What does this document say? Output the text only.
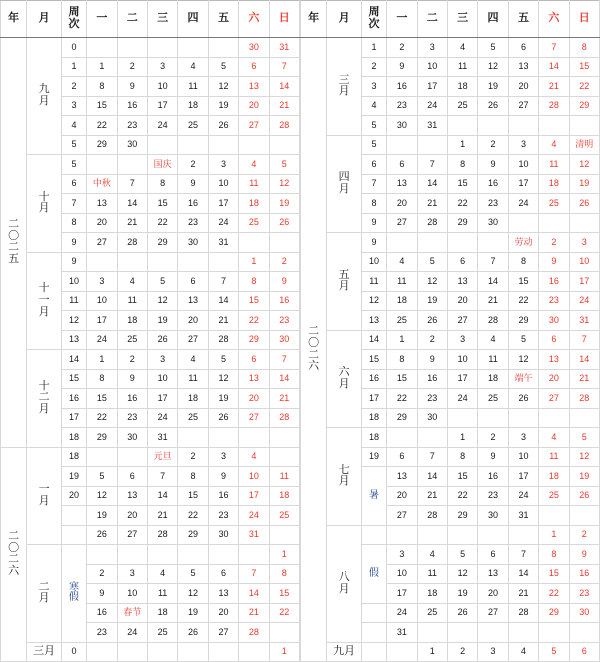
年	月	周
次	一	二	三	四	五	六	日

二
〇
二
五

九
月
	0						30	31
		1	1	2	3	4	5	6	7
		2	8	9	10	11	12	13	14
		3	15	16	17	18	19	20	21
		4	22	23	24	25	26	27	28
		5	29	30					

	十
月	5			国庆	2	3	4	5
		6	中秋	7	8	9	10	11	12
		7	13	14	15	16	17	18	19
		8	20	21	22	23	24	25	26
		9	27	28	29	30	31		

	十
一
月	9						1	2
		10	3	4	5	6	7	8	9
		11	10	11	12	13	14	15	16
		12	17	18	19	20	21	22	23
		13	24	25	26	27	28	29	30

	十
二
月	14	1	2	3	4	5	6	7
		15	8	9	10	11	12	13	14
		16	15	16	17	18	19	20	21
		17	22	23	24	25	26	27	28
		18	29	30	31				

二
〇
二
六

一
月
	18			元旦	2	3	4	
		19	5	6	7	8	9	10	11
		20	12	13	14	15	16	17	18
			19	20	21	22	23	24	25
			26	27	28	29	30	31	

二
月

寒
假
							1
			2	3	4	5	6	7	8
			9	10	11	12	13	14	15
			16	春节	18	19	20	21	22
			23	24	25	26	27	28	
	三月	0							1
年	月	周
次	一	二	三	四	五	六	日

二
〇
二
六

三
月
	1	2	3	4	5	6	7	8
		2	9	10	11	12	13	14	15
		3	16	17	18	19	20	21	22
		4	23	24	25	26	27	28	29
		5	30	31					

	四
月	5			1	2	3	4	清明
		6	6	7	8	9	10	11	12
		7	13	14	15	16	17	18	19
		8	20	21	22	23	24	25	26
		9	27	28	29	30			

	五
月	9					劳动	2	3
		10	4	5	6	7	8	9	10
		11	11	12	13	14	15	16	17
		12	18	19	20	21	22	23	24
		13	25	26	27	28	29	30	31

	六
月	14	1	2	3	4	5	6	7
		15	8	9	10	11	12	13	14
		16	15	16	17	18	端午	20	21
		17	22	23	24	25	26	27	28
		18	29	30					

	七
月	18			1	2	3	4	5
		19	6	7	8	9	10	11	12

		暑	13	14	15	16	17	18	19
			20	21	22	23	24	25	26
			27	28	29	30	31		

	八
月							1	2

		假	3	4	5	6	7	8	9
			10	11	12	13	14	15	16
			17	18	19	20	21	22	23
			24	25	26	27	28	29	30
			31						
	九月			1	2	3	4	5	6
